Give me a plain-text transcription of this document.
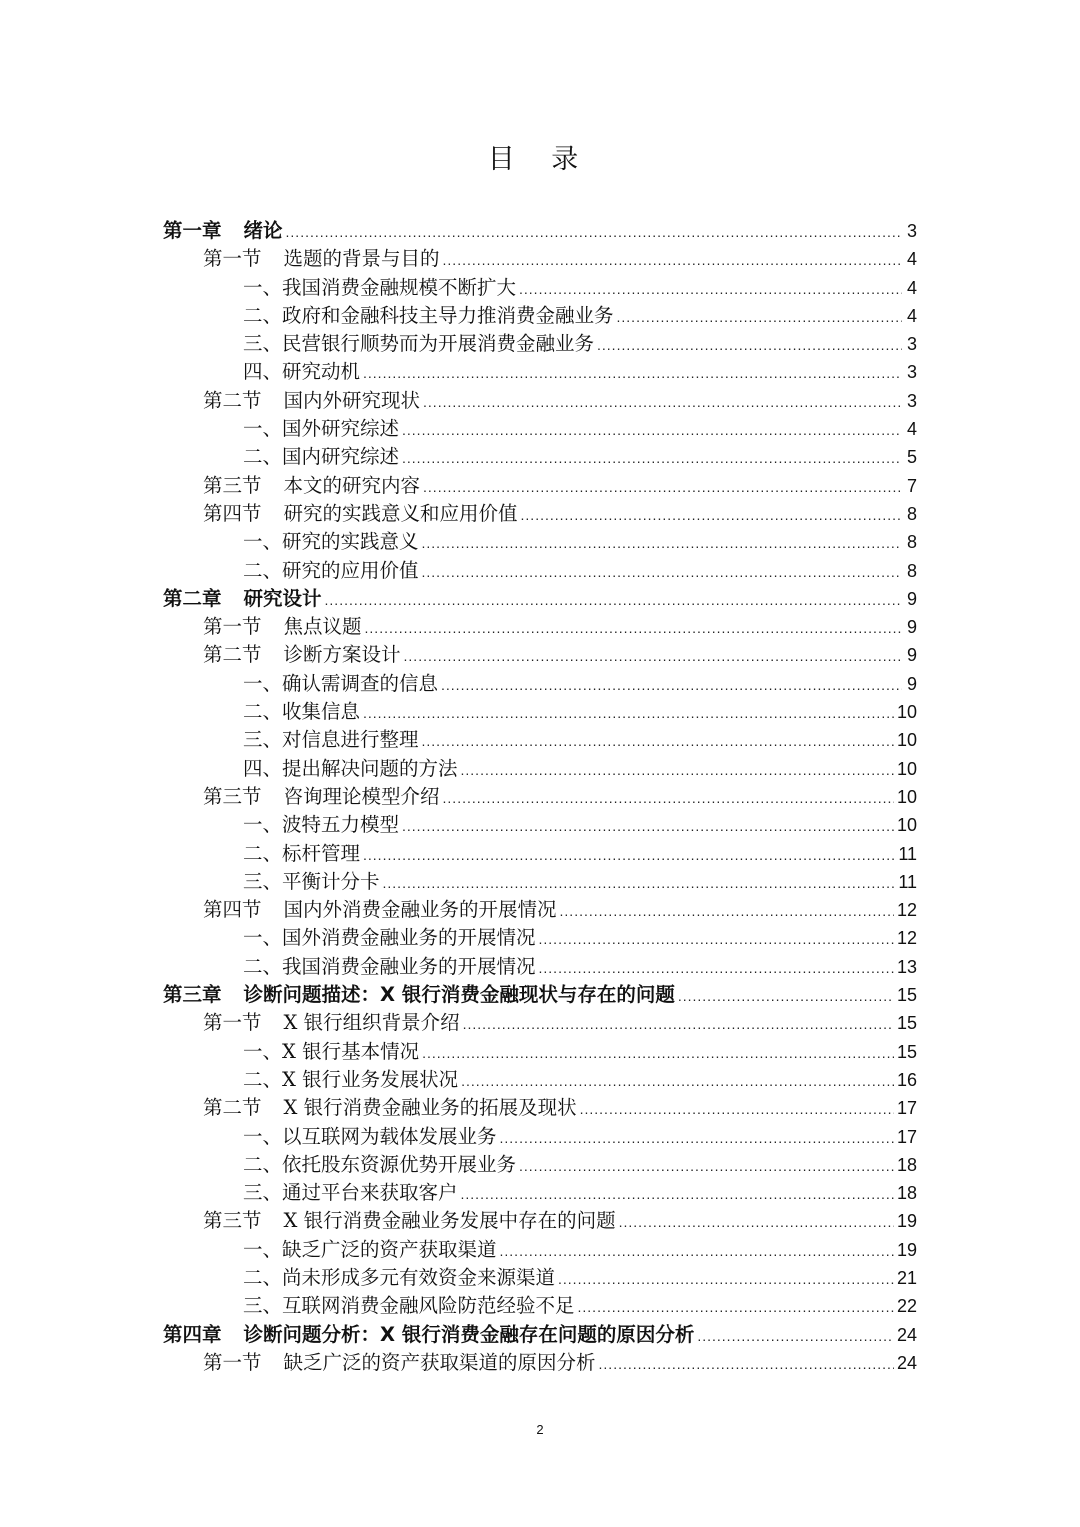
目 录
第一章 绪论 .....	3
第一节 选题的背景与目的 .....	4
一、我国消费金融规模不断扩大 .....	4
二、政府和金融科技主导力推消费金融业务 .....	4
三、民营银行顺势而为开展消费金融业务 .....	3
四、研究动机 .....	3
第二节 国内外研究现状 .....	3
一、国外研究综述 .....	4
二、国内研究综述 .....	5
第三节 本文的研究内容 .....	7
第四节 研究的实践意义和应用价值 .....	8
一、研究的实践意义 .....	8
二、研究的应用价值 .....	8
第二章 研究设计 .....	9
第一节 焦点议题 .....	9
第二节 诊断方案设计 .....	9
一、确认需调查的信息 .....	9
二、收集信息 .....	10
三、对信息进行整理 .....	10
四、提出解决问题的方法 .....	10
第三节 咨询理论模型介绍 .....	10
一、波特五力模型 .....	10
二、标杆管理 .....	11
三、平衡计分卡 .....	11
第四节 国内外消费金融业务的开展情况 .....	12
一、国外消费金融业务的开展情况 .....	12
二、我国消费金融业务的开展情况 .....	13
第三章 诊断问题描述：X 银行消费金融现状与存在的问题 .....	15
第一节 X 银行组织背景介绍 .....	15
一、X 银行基本情况 .....	15
二、X 银行业务发展状况 .....	16
第二节 X 银行消费金融业务的拓展及现状 .....	17
一、以互联网为载体发展业务 .....	17
二、依托股东资源优势开展业务 .....	18
三、通过平台来获取客户 .....	18
第三节 X 银行消费金融业务发展中存在的问题 .....	19
一、缺乏广泛的资产获取渠道 .....	19
二、尚未形成多元有效资金来源渠道 .....	21
三、互联网消费金融风险防范经验不足 .....	22
第四章 诊断问题分析：X 银行消费金融存在问题的原因分析 .....	24
第一节 缺乏广泛的资产获取渠道的原因分析 .....	24
2
